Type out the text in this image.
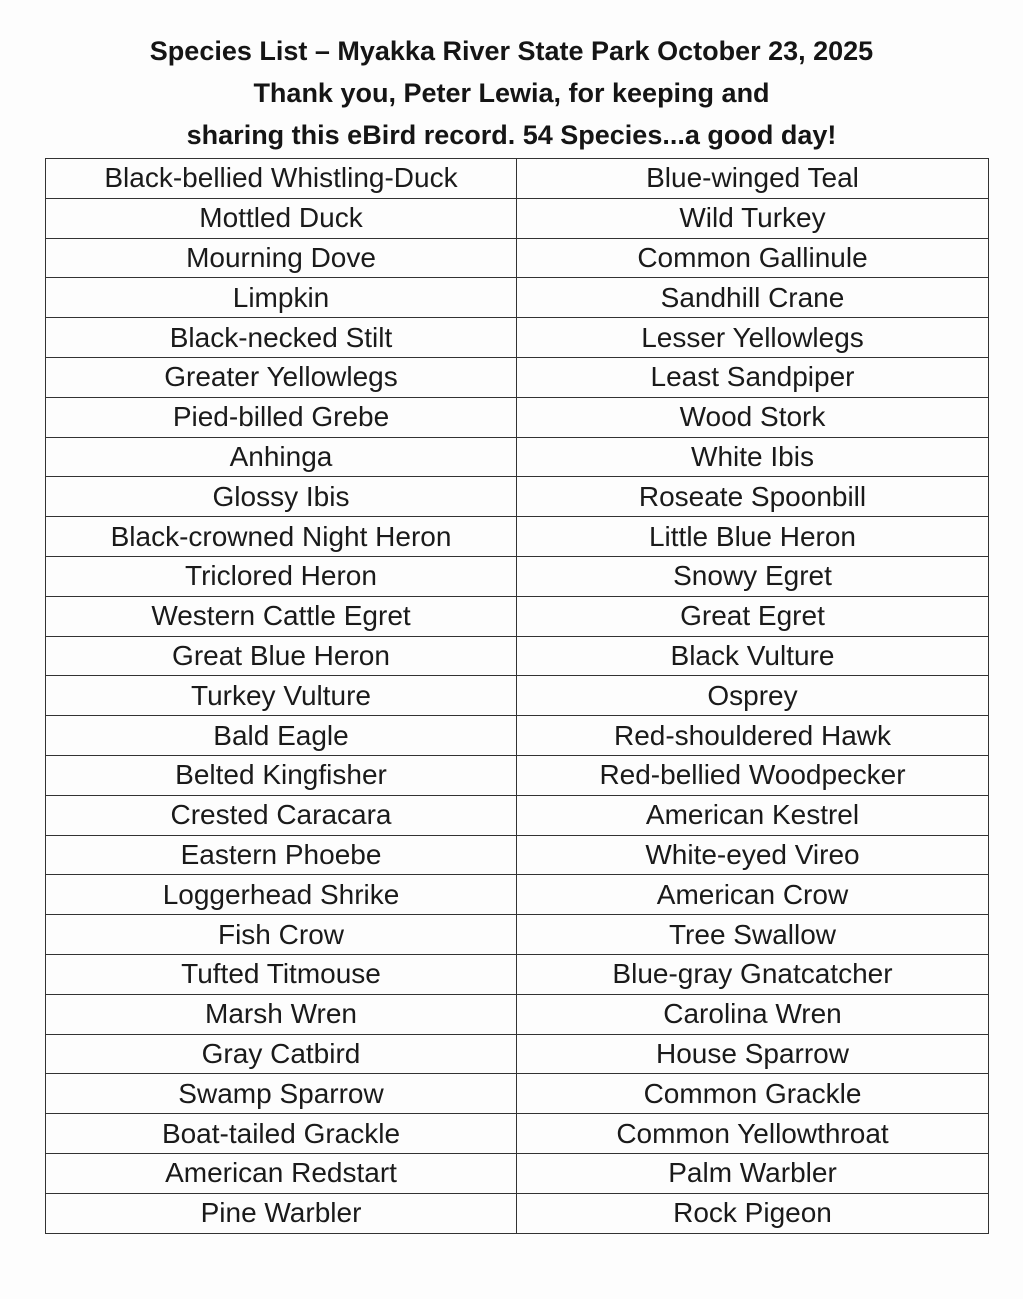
Species List – Myakka River State Park October 23, 2025
Thank you, Peter Lewia, for keeping and
sharing this eBird record. 54 Species...a good day!
Black-bellied Whistling-Duck	Blue-winged Teal
Mottled Duck	Wild Turkey
Mourning Dove	Common Gallinule
Limpkin	Sandhill Crane
Black-necked Stilt	Lesser Yellowlegs
Greater Yellowlegs	Least Sandpiper
Pied-billed Grebe	Wood Stork
Anhinga	White Ibis
Glossy Ibis	Roseate Spoonbill
Black-crowned Night Heron	Little Blue Heron
Triclored Heron	Snowy Egret
Western Cattle Egret	Great Egret
Great Blue Heron	Black Vulture
Turkey Vulture	Osprey
Bald Eagle	Red-shouldered Hawk
Belted Kingfisher	Red-bellied Woodpecker
Crested Caracara	American Kestrel
Eastern Phoebe	White-eyed Vireo
Loggerhead Shrike	American Crow
Fish Crow	Tree Swallow
Tufted Titmouse	Blue-gray Gnatcatcher
Marsh Wren	Carolina Wren
Gray Catbird	House Sparrow
Swamp Sparrow	Common Grackle
Boat-tailed Grackle	Common Yellowthroat
American Redstart	Palm Warbler
Pine Warbler	Rock Pigeon
